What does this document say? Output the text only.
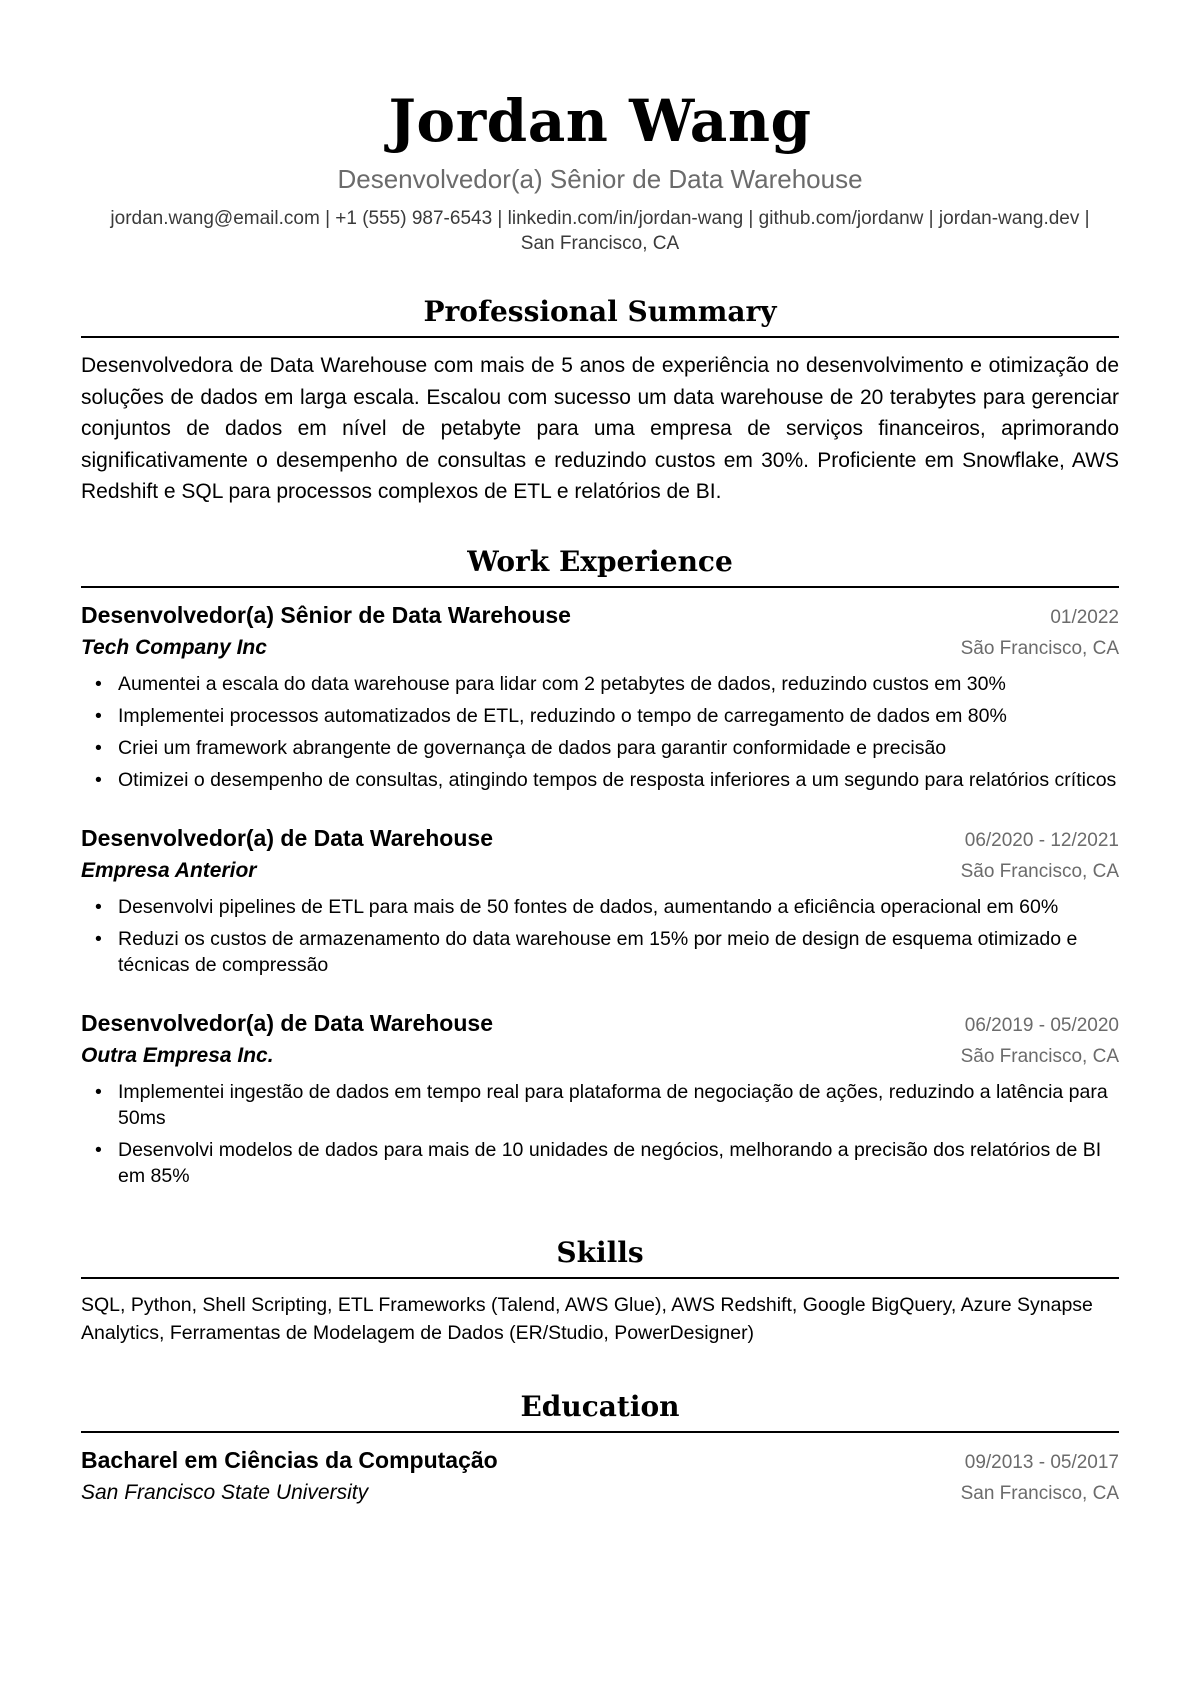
Jordan Wang
Desenvolvedor(a) Sênior de Data Warehouse
jordan.wang@email.com | +1 (555) 987-6543 | linkedin.com/in/jordan-wang | github.com/jordanw | jordan-wang.dev |
San Francisco, CA
Professional Summary
Desenvolvedora de Data Warehouse com mais de 5 anos de experiência no desenvolvimento e otimização de soluções de dados em larga escala. Escalou com sucesso um data warehouse de 20 terabytes para gerenciar conjuntos de dados em nível de petabyte para uma empresa de serviços financeiros, aprimorando significativamente o desempenho de consultas e reduzindo custos em 30%. Proficiente em Snowflake, AWS Redshift e SQL para processos complexos de ETL e relatórios de BI.
Work Experience
Desenvolvedor(a) Sênior de Data Warehouse	01/2022
Tech Company Inc	São Francisco, CA
• Aumentei a escala do data warehouse para lidar com 2 petabytes de dados, reduzindo custos em 30%
• Implementei processos automatizados de ETL, reduzindo o tempo de carregamento de dados em 80%
• Criei um framework abrangente de governança de dados para garantir conformidade e precisão
• Otimizei o desempenho de consultas, atingindo tempos de resposta inferiores a um segundo para relatórios críticos
Desenvolvedor(a) de Data Warehouse	06/2020 - 12/2021
Empresa Anterior	São Francisco, CA
• Desenvolvi pipelines de ETL para mais de 50 fontes de dados, aumentando a eficiência operacional em 60%
• Reduzi os custos de armazenamento do data warehouse em 15% por meio de design de esquema otimizado e técnicas de compressão
Desenvolvedor(a) de Data Warehouse	06/2019 - 05/2020
Outra Empresa Inc.	São Francisco, CA
• Implementei ingestão de dados em tempo real para plataforma de negociação de ações, reduzindo a latência para 50ms
• Desenvolvi modelos de dados para mais de 10 unidades de negócios, melhorando a precisão dos relatórios de BI em 85%
Skills
SQL, Python, Shell Scripting, ETL Frameworks (Talend, AWS Glue), AWS Redshift, Google BigQuery, Azure Synapse Analytics, Ferramentas de Modelagem de Dados (ER/Studio, PowerDesigner)
Education
Bacharel em Ciências da Computação	09/2013 - 05/2017
San Francisco State University	San Francisco, CA
